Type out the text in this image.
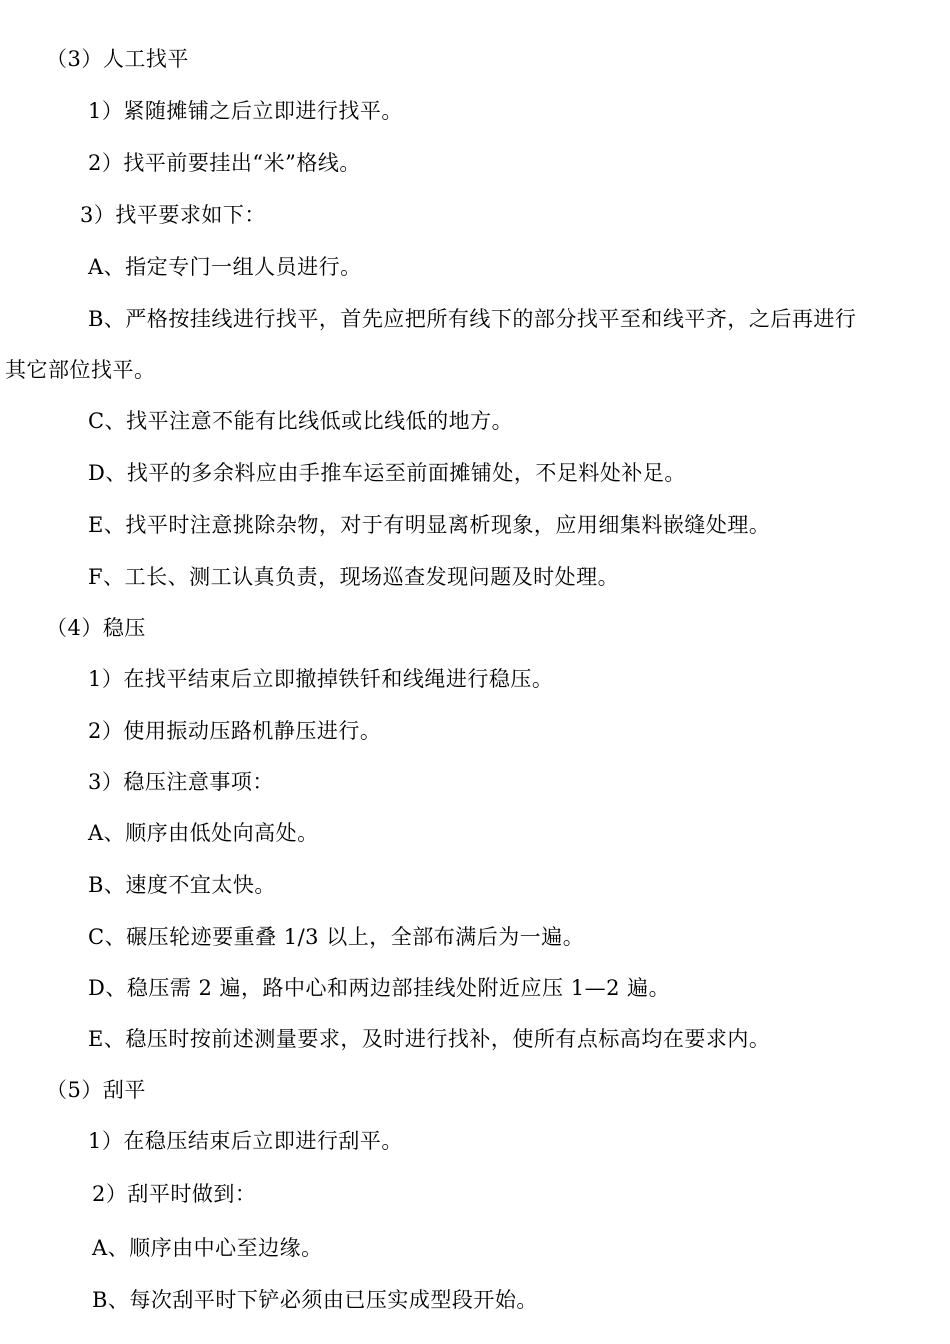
（3）人工找平
1）紧随摊铺之后立即进行找平。
2）找平前要挂出“米”格线。
3）找平要求如下：
A、指定专门一组人员进行。
B、严格按挂线进行找平，首先应把所有线下的部分找平至和线平齐，之后再进行
其它部位找平。
C、找平注意不能有比线低或比线低的地方。
D、找平的多余料应由手推车运至前面摊铺处，不足料处补足。
E、找平时注意挑除杂物，对于有明显离析现象，应用细集料嵌缝处理。
F、工长、测工认真负责，现场巡查发现问题及时处理。
（4）稳压
1）在找平结束后立即撤掉铁钎和线绳进行稳压。
2）使用振动压路机静压进行。
3）稳压注意事项：
A、顺序由低处向高处。
B、速度不宜太快。
C、碾压轮迹要重叠 1/3 以上，全部布满后为一遍。
D、稳压需 2 遍，路中心和两边部挂线处附近应压 1—2 遍。
E、稳压时按前述测量要求，及时进行找补，使所有点标高均在要求内。
（5）刮平
1）在稳压结束后立即进行刮平。
2）刮平时做到：
A、顺序由中心至边缘。
B、每次刮平时下铲必须由已压实成型段开始。
